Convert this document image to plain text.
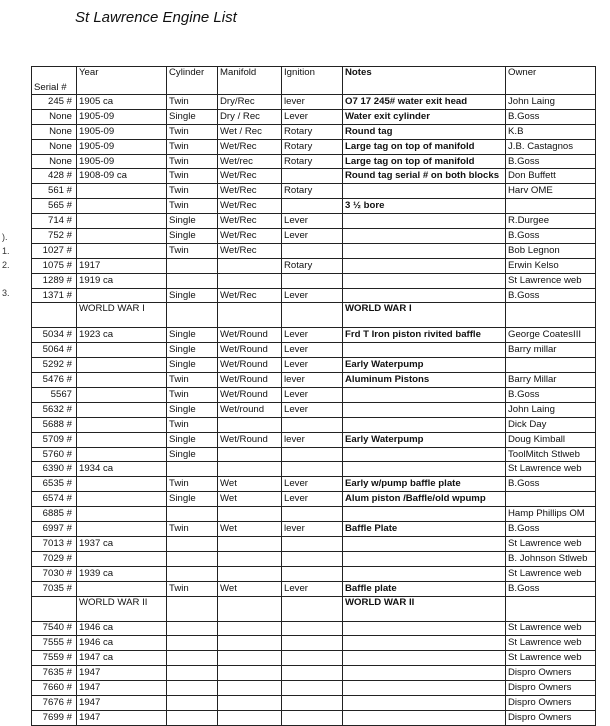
St Lawrence Engine List
).
1.
2.
3.
Serial #	Year	Cylinder	Manifold	Ignition	Notes	Owner
245 #	1905 ca	Twin	Dry/Rec	lever	O7 17 245# water exit head	John Laing
None	1905-09	Single	Dry / Rec	Lever	Water exit cylinder	B.Goss
None	1905-09	Twin	Wet / Rec	Rotary	Round tag	K.B
None	1905-09	Twin	Wet/Rec	Rotary	Large tag on top of manifold	J.B. Castagnos
None	1905-09	Twin	Wet/rec	Rotary	Large tag on top of manifold	B.Goss
428 #	1908-09 ca	Twin	Wet/Rec		Round tag serial # on both blocks	Don Buffett
561 #		Twin	Wet/Rec	Rotary		Harv OME
565 #		Twin	Wet/Rec		3 ½ bore	
714 #		Single	Wet/Rec	Lever		R.Durgee
752 #		Single	Wet/Rec	Lever		B.Goss
1027 #		Twin	Wet/Rec			Bob Legnon
1075 #	1917			Rotary		Erwin Kelso
1289 #	1919 ca					St Lawrence web
1371 #		Single	Wet/Rec	Lever		B.Goss
	WORLD WAR I				WORLD WAR I	
5034 #	1923 ca	Single	Wet/Round	Lever	Frd T Iron piston rivited baffle	George CoatesIII
5064 #		Single	Wet/Round	Lever		Barry millar
5292 #		Single	Wet/Round	Lever	Early Waterpump	
5476 #		Twin	Wet/Round	lever	Aluminum Pistons	Barry Millar
5567		Twin	Wet/Round	Lever		B.Goss
5632 #		Single	Wet/round	Lever		John Laing
5688 #		Twin				Dick Day
5709 #		Single	Wet/Round	lever	Early Waterpump	Doug Kimball
5760 #		Single				ToolMitch Stlweb
6390 #	1934 ca					St Lawrence web
6535 #		Twin	Wet	Lever	Early w/pump baffle plate	B.Goss
6574 #		Single	Wet	Lever	Alum piston /Baffle/old wpump	
6885 #						Hamp Phillips OM
6997 #		Twin	Wet	lever	Baffle Plate	B.Goss
7013 #	1937 ca					St Lawrence web
7029 #						B. Johnson Stlweb
7030 #	1939 ca					St Lawrence web
7035 #		Twin	Wet	Lever	Baffle plate	B.Goss
	WORLD WAR II				WORLD WAR II	
7540 #	1946 ca					St Lawrence web
7555 #	1946 ca					St Lawrence web
7559 #	1947 ca					St Lawrence web
7635 #	1947					Dispro Owners
7660 #	1947					Dispro Owners
7676 #	1947					Dispro Owners
7699 #	1947					Dispro Owners
